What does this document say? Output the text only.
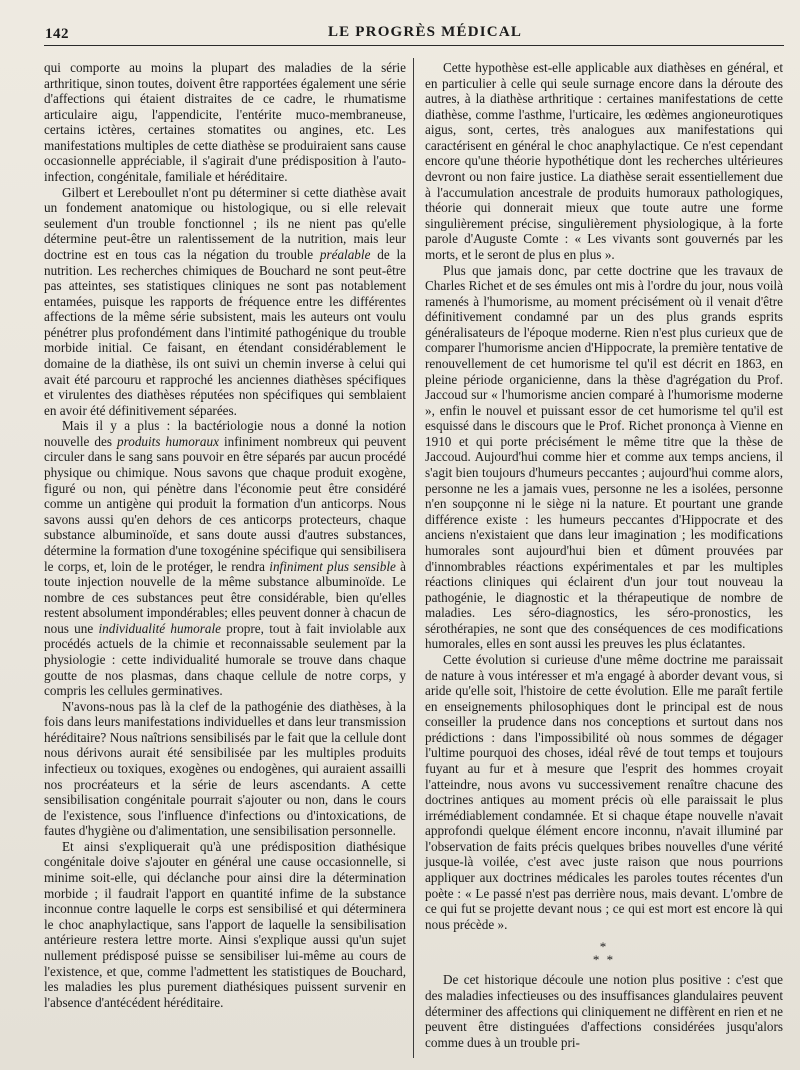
142	LE PROGRÈS MÉDICAL

qui comporte au moins la plupart des maladies de la série arthritique, sinon toutes, doivent être rapportées également une série d'affections qui étaient distraites de ce cadre, le rhumatisme articulaire aigu, l'appendicite, l'entérite muco-membraneuse, certains ictères, certaines stomatites ou angines, etc. Les manifestations multiples de cette diathèse se produiraient sans cause occasionnelle appréciable, il s'agirait d'une prédisposition à l'auto-infection, congénitale, familiale et héréditaire.

Gilbert et Lereboullet n'ont pu déterminer si cette diathèse avait un fondement anatomique ou histologique, ou si elle relevait seulement d'un trouble fonctionnel ; ils ne nient pas qu'elle détermine peut-être un ralentissement de la nutrition, mais leur doctrine est en tous cas la négation du trouble préalable de la nutrition. Les recherches chimiques de Bouchard ne sont peut-être pas atteintes, ses statistiques cliniques ne sont pas notablement entamées, puisque les rapports de fréquence entre les différentes affections de la même série subsistent, mais les auteurs ont voulu pénétrer plus profondément dans l'intimité pathogénique du trouble morbide initial. Ce faisant, en étendant considérablement le domaine de la diathèse, ils ont suivi un chemin inverse à celui qui avait été parcouru et rapproché les anciennes diathèses spécifiques et virulentes des diathèses réputées non spécifiques qui semblaient en avoir été définitivement séparées.

Mais il y a plus : la bactériologie nous a donné la notion nouvelle des produits humoraux infiniment nombreux qui peuvent circuler dans le sang sans pouvoir en être séparés par aucun procédé physique ou chimique. Nous savons que chaque produit exogène, figuré ou non, qui pénètre dans l'économie peut être considéré comme un antigène qui produit la formation d'un anticorps. Nous savons aussi qu'en dehors de ces anticorps protecteurs, chaque substance albuminoïde, et sans doute aussi d'autres substances, détermine la formation d'une toxogénine spécifique qui sensibilisera le corps, et, loin de le protéger, le rendra infiniment plus sensible à toute injection nouvelle de la même substance albuminoïde. Le nombre de ces substances peut être considérable, bien qu'elles restent absolument impondérables; elles peuvent donner à chacun de nous une individualité humorale propre, tout à fait inviolable aux procédés actuels de la chimie et reconnaissable seulement par la physiologie : cette individualité humorale se trouve dans chaque goutte de nos plasmas, dans chaque cellule de notre corps, y compris les cellules germinatives.

N'avons-nous pas là la clef de la pathogénie des diathèses, à la fois dans leurs manifestations individuelles et dans leur transmission héréditaire? Nous naîtrions sensibilisés par le fait que la cellule dont nous dérivons aurait été sensibilisée par les multiples produits infectieux ou toxiques, exogènes ou endogènes, qui auraient assailli nos procréateurs et la série de leurs ascendants. A cette sensibilisation congénitale pourrait s'ajouter ou non, dans le cours de l'existence, sous l'influence d'infections ou d'intoxications, de fautes d'hygiène ou d'alimentation, une sensibilisation personnelle.

Et ainsi s'expliquerait qu'à une prédisposition diathésique congénitale doive s'ajouter en général une cause occasionnelle, si minime soit-elle, qui déclanche pour ainsi dire la détermination morbide ; il faudrait l'apport en quantité infime de la substance inconnue contre laquelle le corps est sensibilisé et qui déterminera le choc anaphylactique, sans l'apport de laquelle la sensibilisation antérieure restera lettre morte. Ainsi s'explique aussi qu'un sujet nullement prédisposé puisse se sensibiliser lui-même au cours de l'existence, et que, comme l'admettent les statistiques de Bouchard, les maladies les plus purement diathésiques puissent survenir en l'absence d'antécédent héréditaire.

Cette hypothèse est-elle applicable aux diathèses en général, et en particulier à celle qui seule surnage encore dans la déroute des autres, à la diathèse arthritique : certaines manifestations de cette diathèse, comme l'asthme, l'urticaire, les œdèmes angioneurotiques aigus, sont, certes, très analogues aux manifestations qui caractérisent en général le choc anaphylactique. Ce n'est cependant encore qu'une théorie hypothétique dont les recherches ultérieures devront ou non faire justice. La diathèse serait essentiellement due à l'accumulation ancestrale de produits humoraux pathologiques, théorie qui donnerait mieux que toute autre une forme singulièrement précise, singulièrement physiologique, à la forte parole d'Auguste Comte : « Les vivants sont gouvernés par les morts, et le seront de plus en plus ».

Plus que jamais donc, par cette doctrine que les travaux de Charles Richet et de ses émules ont mis à l'ordre du jour, nous voilà ramenés à l'humorisme, au moment précisément où il venait d'être définitivement condamné par un des plus grands esprits généralisateurs de l'époque moderne. Rien n'est plus curieux que de comparer l'humorisme ancien d'Hippocrate, la première tentative de renouvellement de cet humorisme tel qu'il est décrit en 1863, en pleine période organicienne, dans la thèse d'agrégation du Prof. Jaccoud sur « l'humorisme ancien comparé à l'humorisme moderne », enfin le nouvel et puissant essor de cet humorisme tel qu'il est esquissé dans le discours que le Prof. Richet prononça à Vienne en 1910 et qui porte précisément le même titre que la thèse de Jaccoud. Aujourd'hui comme hier et comme aux temps anciens, il s'agit bien toujours d'humeurs peccantes ; aujourd'hui comme alors, personne ne les a jamais vues, personne ne les a isolées, personne n'en soupçonne ni le siège ni la nature. Et pourtant une grande différence existe : les humeurs peccantes d'Hippocrate et des anciens n'existaient que dans leur imagination ; les modifications humorales sont aujourd'hui bien et dûment prouvées par d'innombrables réactions expérimentales et par les multiples réactions cliniques qui éclairent d'un jour tout nouveau la pathogénie, le diagnostic et la thérapeutique de nombre de maladies. Les séro-diagnostics, les séro-pronostics, les sérothérapies, ne sont que des conséquences de ces modifications humorales, elles en sont aussi les preuves les plus éclatantes.

Cette évolution si curieuse d'une même doctrine me paraissait de nature à vous intéresser et m'a engagé à aborder devant vous, si aride qu'elle soit, l'histoire de cette évolution. Elle me paraît fertile en enseignements philosophiques dont le principal est de nous conseiller la prudence dans nos conceptions et surtout dans nos prédictions : dans l'impossibilité où nous sommes de dégager l'ultime pourquoi des choses, idéal rêvé de tout temps et toujours fuyant au fur et à mesure que l'esprit des hommes croyait l'atteindre, nous avons vu successivement renaître chacune des doctrines antiques au moment précis où elle paraissait le plus irrémédiablement condamnée. Et si chaque étape nouvelle n'avait approfondi quelque élément encore inconnu, n'avait illuminé par l'observation de faits précis quelques bribes nouvelles d'une vérité jusque-là voilée, c'est avec juste raison que nous pourrions appliquer aux doctrines médicales les paroles toutes récentes d'un poète : « Le passé n'est pas derrière nous, mais devant. L'ombre de ce qui fut se projette devant nous ; ce qui est mort est encore là qui nous précède ».

*
* *

De cet historique découle une notion plus positive : c'est que des maladies infectieuses ou des insuffisances glandulaires peuvent déterminer des affections qui cliniquement ne diffèrent en rien et ne peuvent être distinguées d'affections considérées jusqu'alors comme dues à un trouble pri-
